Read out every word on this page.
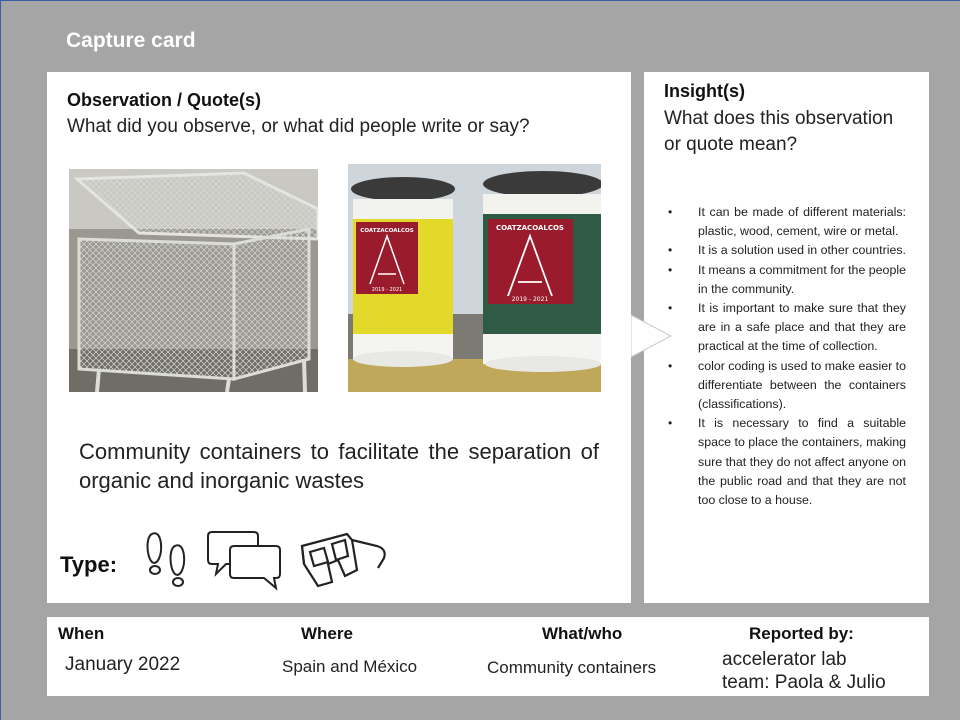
Capture card
Observation / Quote(s)
What did you observe, or what did people write or say?
COATZACOALCOS	COATZACOALCOS
2019 - 2021
2019 - 2021
Community containers to facilitate the separation of organic and inorganic wastes
Type:
Insight(s)
What does this observation or quote mean?
• It can be made of different materials: plastic, wood, cement, wire or metal.
• It is a solution used in other countries.
• It means a commitment for the people in the community.
• It is important to make sure that they are in a safe place and that they are practical at the time of collection.
• color coding is used to make easier to differentiate between the containers (classifications).
• It is necessary to find a suitable space to place the containers, making sure that they do not affect anyone on the public road and that they are not too close to a house.
When
January 2022
Where
Spain and México
What/who
Community containers
Reported by:
accelerator lab
team: Paola & Julio
